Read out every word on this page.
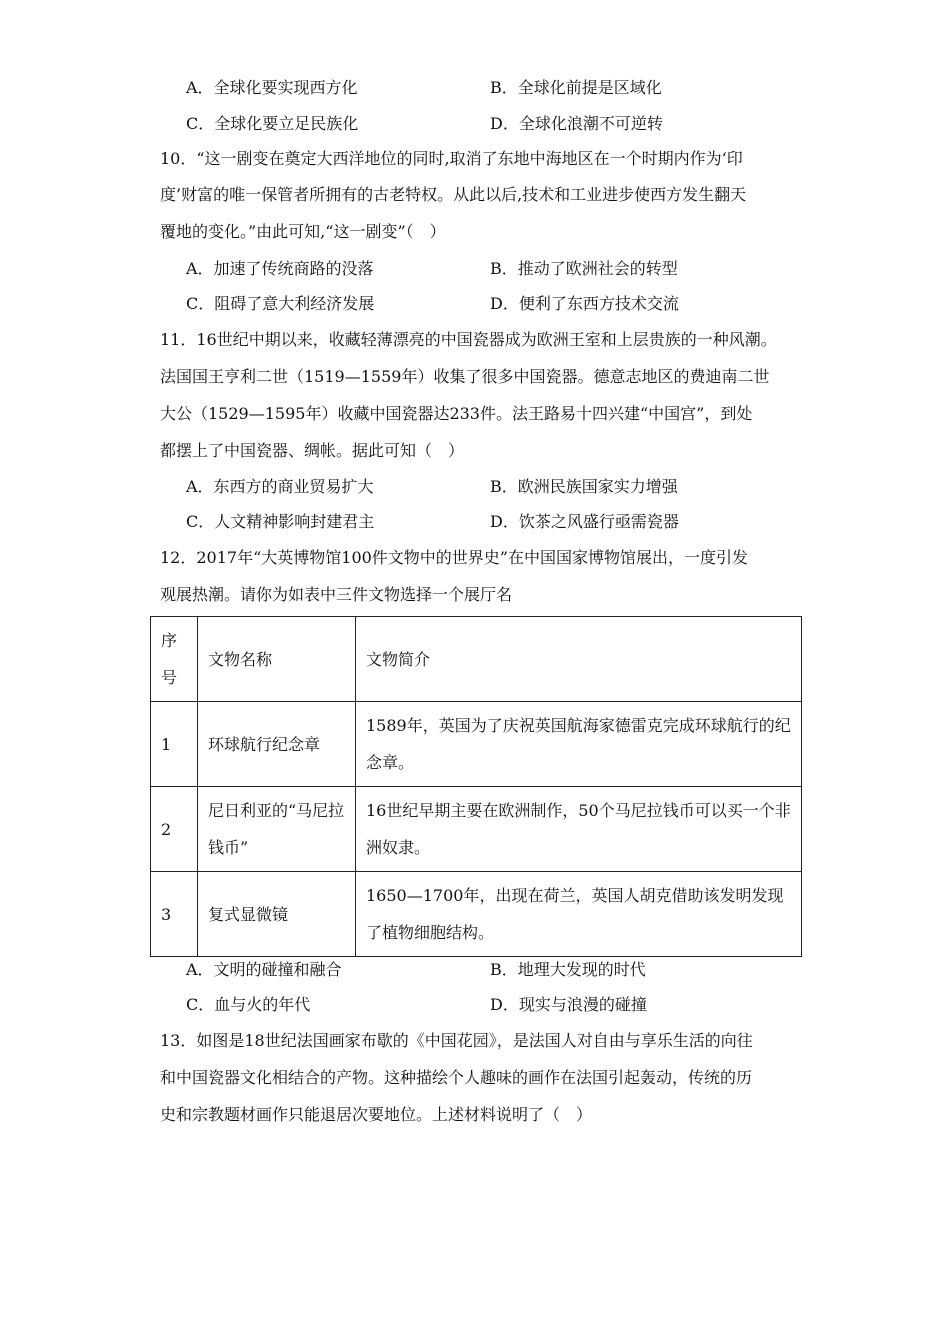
A．全球化要实现西方化	B．全球化前提是区域化
C．全球化要立足民族化	D．全球化浪潮不可逆转
10．“这一剧变在奠定大西洋地位的同时,取消了东地中海地区在一个时期内作为‘印
度’财富的唯一保管者所拥有的古老特权。从此以后,技术和工业进步使西方发生翻天
覆地的变化。”由此可知,“这一剧变”（　）
A．加速了传统商路的没落	B．推动了欧洲社会的转型
C．阻碍了意大利经济发展	D．便利了东西方技术交流
11．16世纪中期以来，收藏轻薄漂亮的中国瓷器成为欧洲王室和上层贵族的一种风潮。
法国国王亨利二世（1519—1559年）收集了很多中国瓷器。德意志地区的费迪南二世
大公（1529—1595年）收藏中国瓷器达233件。法王路易十四兴建“中国宫”，到处
都摆上了中国瓷器、绸帐。据此可知（　）
A．东西方的商业贸易扩大	B．欧洲民族国家实力增强
C．人文精神影响封建君主	D．饮茶之风盛行亟需瓷器
12．2017年“大英博物馆100件文物中的世界史”在中国国家博物馆展出，一度引发
观展热潮。请你为如表中三件文物选择一个展厅名
序号	文物名称	文物简介
1	环球航行纪念章	1589年，英国为了庆祝英国航海家德雷克完成环球航行的纪念章。
2	尼日利亚的“马尼拉钱币”	16世纪早期主要在欧洲制作，50个马尼拉钱币可以买一个非洲奴隶。
3	复式显微镜	1650—1700年，出现在荷兰，英国人胡克借助该发明发现了植物细胞结构。
A．文明的碰撞和融合	B．地理大发现的时代
C．血与火的年代	D．现实与浪漫的碰撞
13．如图是18世纪法国画家布歇的《中国花园》，是法国人对自由与享乐生活的向往
和中国瓷器文化相结合的产物。这种描绘个人趣味的画作在法国引起轰动，传统的历
史和宗教题材画作只能退居次要地位。上述材料说明了（　）
